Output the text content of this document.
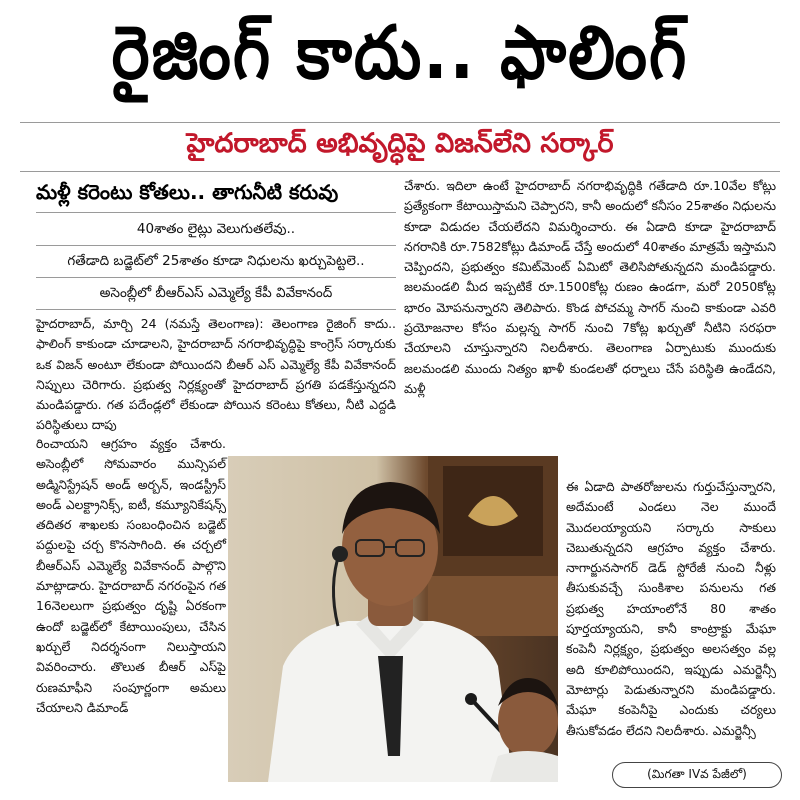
రైజింగ్ కాదు.. ఫాలింగ్
హైదరాబాద్ అభివృద్ధిపై విజన్‌లేని సర్కార్
మళ్లీ కరెంటు కోతలు.. తాగునీటి కరువు
40శాతం లైట్లు వెలుగుతలేవు..
గతేడాది బడ్జెట్‌లో 25శాతం కూడా నిధులను ఖర్చుపెట్టలె..
అసెంబ్లీలో బీఆర్‌ఎస్ ఎమ్మెల్యే కేపీ వివేకానంద్

హైదరాబాద్, మార్చి 24 (నమస్తే తెలంగాణ): తెలంగాణ రైజింగ్ కాదు.. ఫాలింగ్ కాకుండా చూడాలని, హైదరాబాద్ నగరాభివృద్ధిపై కాంగ్రెస్ సర్కారుకు ఒక విజన్ అంటూ లేకుండా పోయిందని బీఆర్ ఎస్ ఎమ్మెల్యే కేపీ వివేకానంద్ నిప్పులు చెరిగారు. ప్రభుత్వ నిర్లక్ష్యంతో హైదరాబాద్ ప్రగతి పడకేస్తున్నదని మండిపడ్డారు. గత పదేండ్లలో లేకుండా పోయిన కరెంటు కోతలు, నీటి ఎద్దడి పరిస్థితులు దాపు

రించాయని ఆగ్రహం వ్యక్తం చేశారు. అసెంబ్లీలో సోమవారం మున్సిపల్ అడ్మినిస్ట్రేషన్ అండ్ అర్బన్, ఇండస్ట్రీస్ అండ్ ఎలక్ట్రానిక్స్, ఐటీ, కమ్యూనికేషన్స్ తదితర శాఖలకు సంబంధించిన బడ్జెట్ పద్దులపై చర్చ కొనసాగింది. ఈ చర్చలో బీఆర్‌ఎస్ ఎమ్మెల్యే వివేకానంద్ పాల్గొని మాట్లాడారు. హైదరాబాద్ నగరంపైన గత 16నెలలుగా ప్రభుత్వం దృష్టి ఏరకంగా ఉందో బడ్జెట్‌లో కేటాయింపులు, చేసిన ఖర్చులే నిదర్శనంగా నిలుస్తాయని వివరించారు. తొలుత బీఆర్ ఎస్‌పై రుణమాఫీని సంపూర్ణంగా అమలు చేయాలని డిమాండ్

చేశారు. ఇదిలా ఉంటే హైదరాబాద్ నగరాభివృద్ధికి గతేడాది రూ.10వేల కోట్లు ప్రత్యేకంగా కేటాయిస్తామని చెప్పారని, కానీ అందులో కనీసం 25శాతం నిధులను కూడా విడుదల చేయలేదని విమర్శించారు. ఈ ఏడాది కూడా హైదరాబాద్ నగరానికి రూ.7582కోట్లు డిమాండ్ చేస్తే అందులో 40శాతం మాత్రమే ఇస్తామని చెప్పిందని, ప్రభుత్వం కమిట్‌మెంట్ ఏమిటో తెలిసిపోతున్నదని మండిపడ్డారు. జలమండలి మీద ఇప్పటికే రూ.1500కోట్ల రుణం ఉండగా, మరో 2050కోట్ల భారం మోపనున్నారని తెలిపారు. కొండ పోచమ్మ సాగర్ నుంచి కాకుండా ఎవరి ప్రయోజనాల కోసం మల్లన్న సాగర్ నుంచి 7కోట్ల ఖర్చుతో నీటిని సరఫరా చేయాలని చూస్తున్నారని నిలదీశారు. తెలంగాణ ఏర్పాటుకు ముందుకు జలమండలి ముందు నిత్యం ఖాళీ కుండలతో ధర్నాలు చేసే పరిస్థితి ఉండేదని, మళ్లీ

ఈ ఏడాది పాతరోజులను గుర్తుచేస్తున్నారని, అదేమంటే ఎండలు నెల ముందే మొదలయ్యాయని సర్కారు సాకులు చెబుతున్నదని ఆగ్రహం వ్యక్తం చేశారు. నాగార్జునసాగర్ డెడ్ స్టోరేజీ నుంచి నీళ్లు తీసుకువచ్చే సుంకిశాల పనులను గత ప్రభుత్వ హయాంలోనే 80 శాతం పూర్తయ్యాయని, కానీ కాంట్రాక్టు మేఘా కంపెనీ నిర్లక్ష్యం, ప్రభుత్వం అలసత్వం వల్ల అది కూలిపోయిందని, ఇప్పుడు ఎమర్జెన్సీ మోటార్లు పెడుతున్నారని మండిపడ్డారు. మేఘా కంపెనీపై ఎందుకు చర్యలు తీసుకోవడం లేదని నిలదీశారు. ఎమర్జెన్సీ

(మిగతా IVవ పేజీలో)
